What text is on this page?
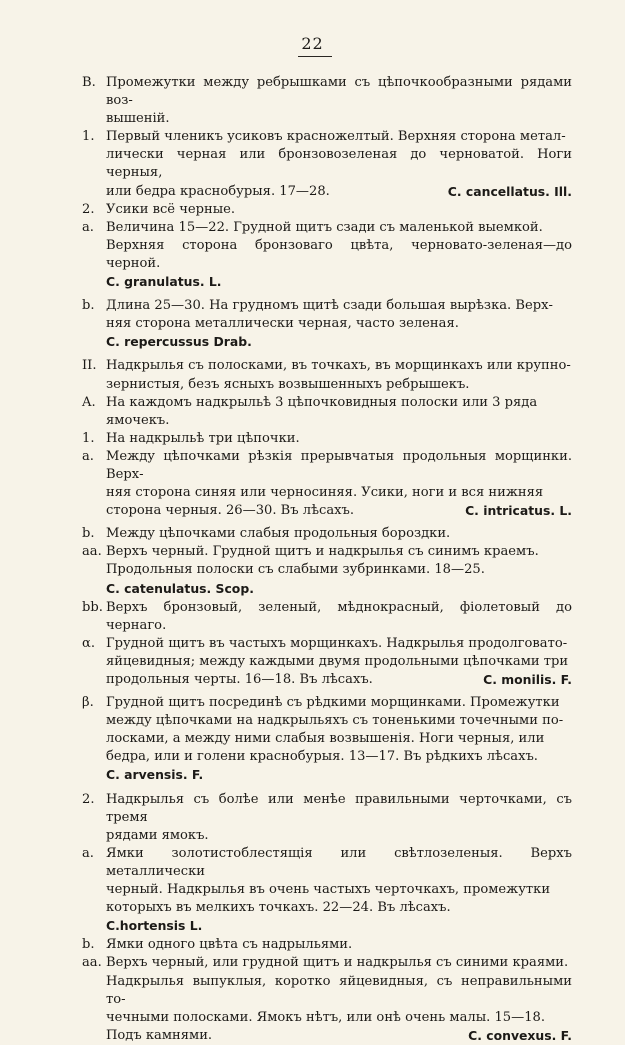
22
B. Промежутки между ребрышками съ цѣпочкообразными рядами воз-
вышеній.
1. Первый членикъ усиковъ красножелтый. Верхняя сторона метал-
лически черная или бронзовозеленая до черноватой. Ноги черныя,
или бедра краснобурыя. 17—28.	C. cancellatus. Ill.
2. Усики всё черные.
a. Величина 15—22. Грудной щитъ сзади съ маленькой выемкой.
Верхняя сторона бронзоваго цвѣта, черновато-зеленая—до черной.
C. granulatus. L.
b. Длина 25—30. На грудномъ щитѣ сзади большая вырѣзка. Верх-
няя сторона металлически черная, часто зеленая.
C. repercussus Drab.
II. Надкрылья съ полосками, въ точкахъ, въ морщинкахъ или крупно-
зернистыя, безъ ясныхъ возвышенныхъ ребрышекъ.
A. На каждомъ надкрыльѣ 3 цѣпочковидныя полоски или 3 ряда
ямочекъ.
1. На надкрыльѣ три цѣпочки.
a. Между цѣпочками рѣзкія прерывчатыя продольныя морщинки. Верх-
няя сторона синяя или черносиняя. Усики, ноги и вся нижняя
сторона черныя. 26—30. Въ лѣсахъ.	C. intricatus. L.
b. Между цѣпочками слабыя продольныя бороздки.
aa. Верхъ черный. Грудной щитъ и надкрылья съ синимъ краемъ.
Продольныя полоски съ слабыми зубринками. 18—25.
C. catenulatus. Scop.
bb. Верхъ бронзовый, зеленый, мѣднокрасный, фіолетовый до чернаго.
α. Грудной щитъ въ частыхъ морщинкахъ. Надкрылья продолговато-
яйцевидныя; между каждыми двумя продольными цѣпочками три
продольныя черты. 16—18. Въ лѣсахъ.	C. monilis. F.
β. Грудной щитъ посрединѣ съ рѣдкими морщинками. Промежутки
между цѣпочками на надкрыльяхъ съ тоненькими точечными по-
лосками, а между ними слабыя возвышенія. Ноги черныя, или
бедра, или и голени краснобурыя. 13—17. Въ рѣдкихъ лѣсахъ.
C. arvensis. F.
2. Надкрылья съ болѣе или менѣе правильными черточками, съ тремя
рядами ямокъ.
a. Ямки золотистоблестящія или свѣтлозеленыя. Верхъ металлически
черный. Надкрылья въ очень частыхъ черточкахъ, промежутки
которыхъ въ мелкихъ точкахъ. 22—24. Въ лѣсахъ.
C.hortensis L.
b. Ямки одного цвѣта съ надрыльями.
aa. Верхъ черный, или грудной щитъ и надкрылья съ синими краями.
Надкрылья выпуклыя, коротко яйцевидныя, съ неправильными то-
чечными полосками. Ямокъ нѣтъ, или онѣ очень малы. 15—18.
Подъ камнями.	C. convexus. F.
